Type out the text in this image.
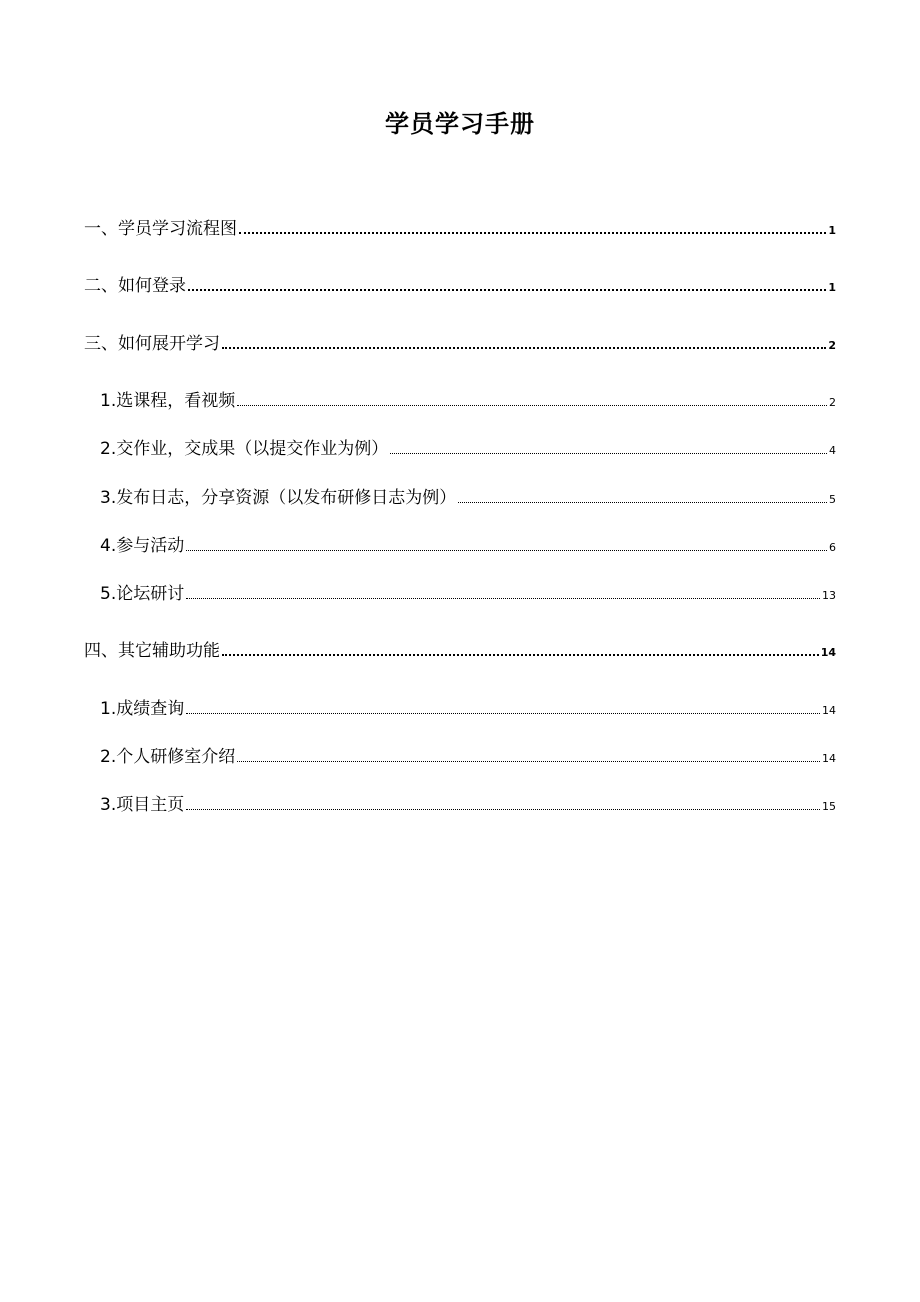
学员学习手册
一、学员学习流程图	1
二、如何登录	1
三、如何展开学习	2
1.选课程，看视频	2
2.交作业，交成果（以提交作业为例）	4
3.发布日志，分享资源（以发布研修日志为例）	5
4.参与活动	6
5.论坛研讨	13
四、其它辅助功能	14
1.成绩查询	14
2.个人研修室介绍	14
3.项目主页	15
